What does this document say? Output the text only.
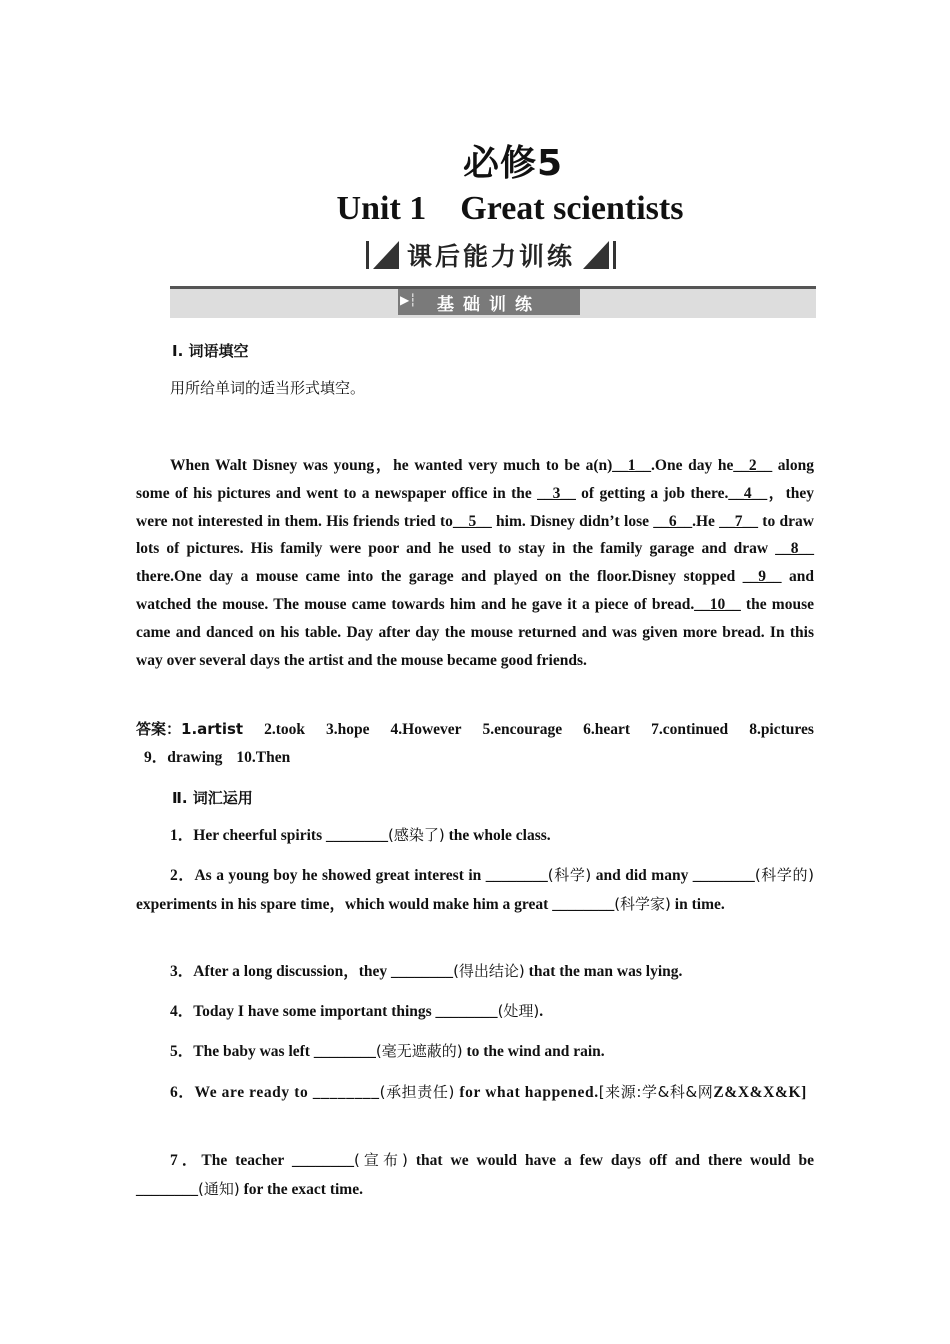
必修5
Unit 1 Great scientists
课后能力训练
▶┆ 基础训练
Ⅰ. 词语填空
用所给单词的适当形式填空。
When Walt Disney was young，he wanted very much to be a(n)__1__.One day he__2__ along some of his pictures and went to a newspaper office in the __3__ of getting a job there.__4__，they were not interested in them. His friends tried to__5__ him. Disney didn’t lose __6__.He __7__ to draw lots of pictures. His family were poor and he used to stay in the family garage and draw __8__ there.One day a mouse came into the garage and played on the floor.Disney stopped __9__ and watched the mouse. The mouse came towards him and he gave it a piece of bread.__10__ the mouse came and danced on his table. Day after day the mouse returned and was given more bread. In this way over several days the artist and the mouse became good friends.
答案：1.artist 2.took 3.hope 4.However 5.encourage 6.heart 7.continued 8.pictures
9．drawing 10.Then
Ⅱ. 词汇运用
1．Her cheerful spirits ________(感染了) the whole class.
2．As a young boy he showed great interest in ________(科学) and did many ________(科学的) experiments in his spare time，which would make him a great ________(科学家) in time.
3．After a long discussion，they ________(得出结论) that the man was lying.
4．Today I have some important things ________(处理).
5．The baby was left ________(毫无遮蔽的) to the wind and rain.
6．We are ready to ________(承担责任) for what happened.[来源:学&科&网Z&X&X&K]
7．The teacher ________(宣布) that we would have a few days off and there would be ________(通知) for the exact time.
